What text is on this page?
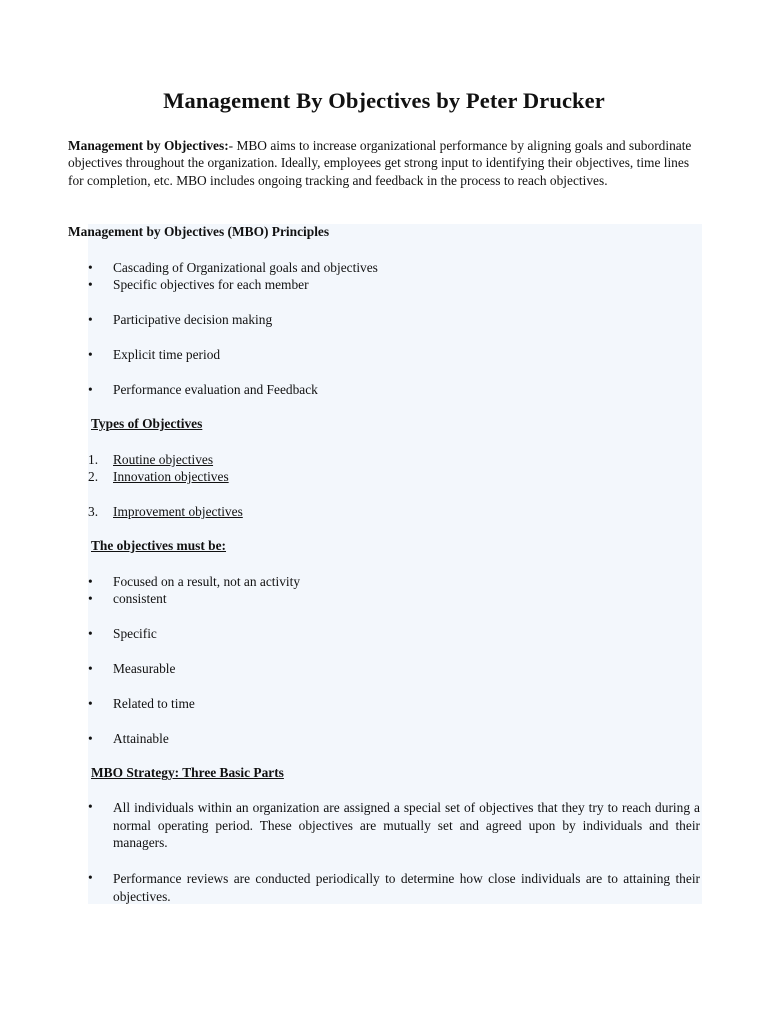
Management By Objectives by Peter Drucker
Management by Objectives:- MBO aims to increase organizational performance by aligning goals and subordinate objectives throughout the organization. Ideally, employees get strong input to identifying their objectives, time lines for completion, etc. MBO includes ongoing tracking and feedback in the process to reach objectives.
Management by Objectives (MBO) Principles
•	Cascading of Organizational goals and objectives
•	Specific objectives for each member
•	Participative decision making
•	Explicit time period
•	Performance evaluation and Feedback
Types of Objectives
1.	Routine objectives
2.	Innovation objectives
3.	Improvement objectives
The objectives must be:
•	Focused on a result, not an activity
•	consistent
•	Specific
•	Measurable
•	Related to time
•	Attainable
MBO Strategy: Three Basic Parts
• All individuals within an organization are assigned a special set of objectives that they try to reach during a normal operating period. These objectives are mutually set and agreed upon by individuals and their managers.
• Performance reviews are conducted periodically to determine how close individuals are to attaining their objectives.
